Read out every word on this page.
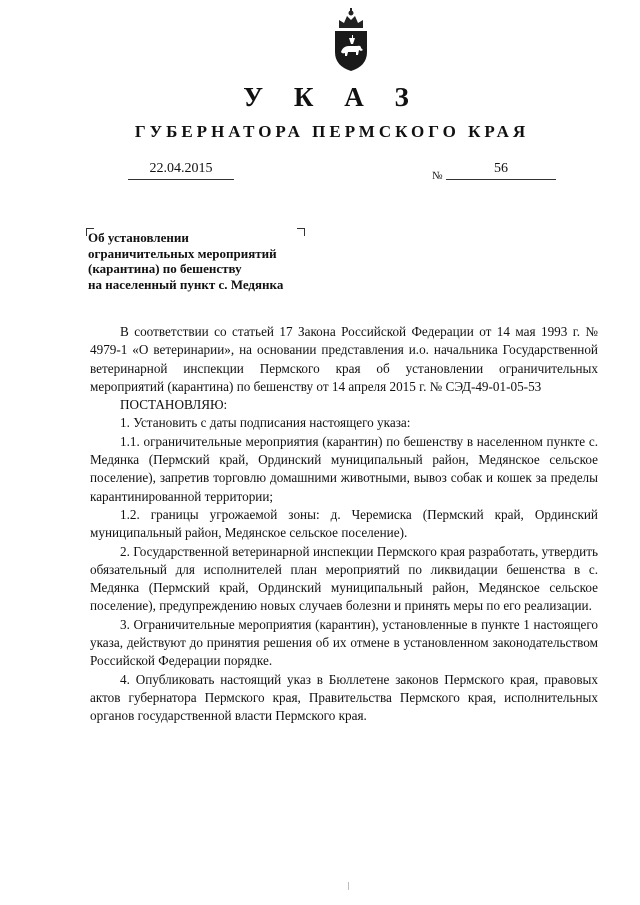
У К А З
ГУБЕРНАТОРА ПЕРМСКОГО КРАЯ
22.04.2015	№	56
Об установлении
ограничительных мероприятий
(карантина) по бешенству
на населенный пункт с. Медянка

В соответствии со статьей 17 Закона Российской Федерации от 14 мая 1993 г. № 4979-1 «О ветеринарии», на основании представления и.о. начальника Государственной ветеринарной инспекции Пермского края об установлении ограничительных мероприятий (карантина) по бешенству от 14 апреля 2015 г. № СЭД-49-01-05-53

ПОСТАНОВЛЯЮ:

1. Установить с даты подписания настоящего указа:

1.1. ограничительные мероприятия (карантин) по бешенству в населенном пункте с. Медянка (Пермский край, Ординский муниципальный район, Медянское сельское поселение), запретив торговлю домашними животными, вывоз собак и кошек за пределы карантинированной территории;

1.2. границы угрожаемой зоны: д. Черемиска (Пермский край, Ординский муниципальный район, Медянское сельское поселение).

2. Государственной ветеринарной инспекции Пермского края разработать, утвердить обязательный для исполнителей план мероприятий по ликвидации бешенства в с. Медянка (Пермский край, Ординский муниципальный район, Медянское сельское поселение), предупреждению новых случаев болезни и принять меры по его реализации.

3. Ограничительные мероприятия (карантин), установленные в пункте 1 настоящего указа, действуют до принятия решения об их отмене в установленном законодательством Российской Федерации порядке.

4. Опубликовать настоящий указ в Бюллетене законов Пермского края, правовых актов губернатора Пермского края, Правительства Пермского края, исполнительных органов государственной власти Пермского края.
